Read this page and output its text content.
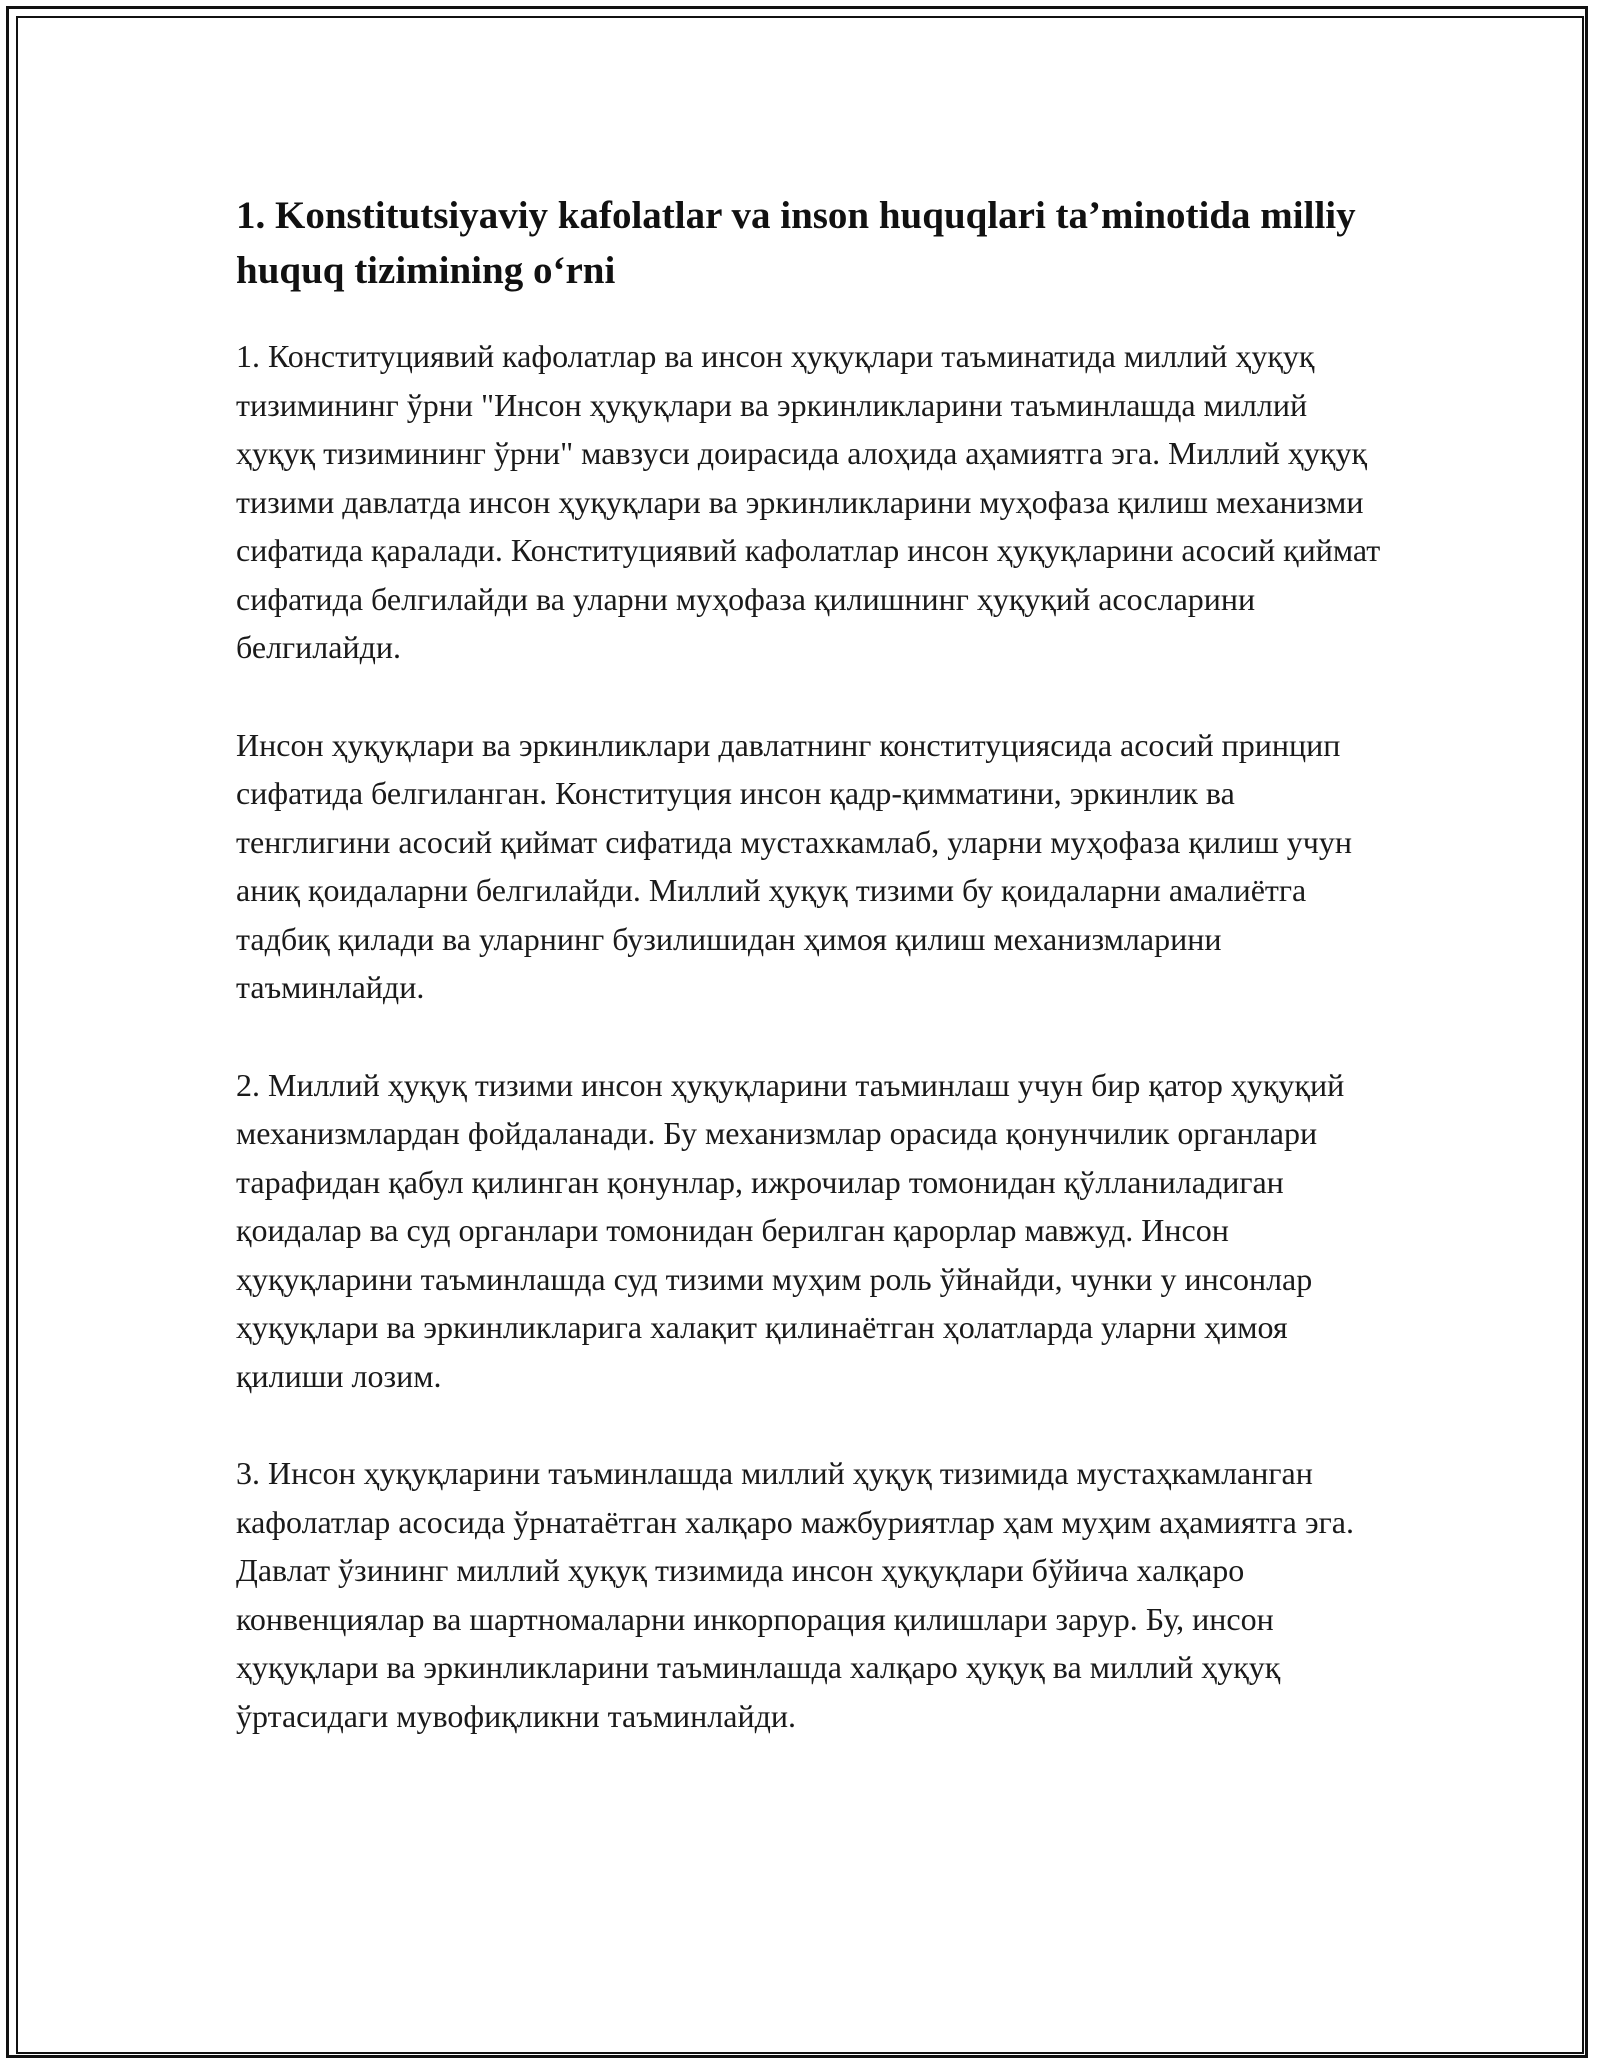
1. Konstitutsiyaviy kafolatlar va inson huquqlari ta’minotida milliy huquq tizimining o‘rni

1. Конституциявий кафолатлар ва инсон ҳуқуқлари таъминатида миллий ҳуқуқ тизимининг ўрни "Инсон ҳуқуқлари ва эркинликларини таъминлашда миллий ҳуқуқ тизимининг ўрни" мавзуси доирасида алоҳида аҳамиятга эга. Миллий ҳуқуқ тизими давлатда инсон ҳуқуқлари ва эркинликларини муҳофаза қилиш механизми сифатида қаралади. Конституциявий кафолатлар инсон ҳуқуқларини асосий қиймат сифатида белгилайди ва уларни муҳофаза қилишнинг ҳуқуқий асосларини белгилайди.

Инсон ҳуқуқлари ва эркинликлари давлатнинг конституциясида асосий принцип сифатида белгиланган. Конституция инсон қадр-қимматини, эркинлик ва тенглигини асосий қиймат сифатида мустахкамлаб, уларни муҳофаза қилиш учун аниқ қоидаларни белгилайди. Миллий ҳуқуқ тизими бу қоидаларни амалиётга тадбиқ қилади ва уларнинг бузилишидан ҳимоя қилиш механизмларини таъминлайди.

2. Миллий ҳуқуқ тизими инсон ҳуқуқларини таъминлаш учун бир қатор ҳуқуқий механизмлардан фойдаланади. Бу механизмлар орасида қонунчилик органлари тарафидан қабул қилинган қонунлар, ижрочилар томонидан қўлланиладиган қоидалар ва суд органлари томонидан берилган қарорлар мавжуд. Инсон ҳуқуқларини таъминлашда суд тизими муҳим роль ўйнайди, чунки у инсонлар ҳуқуқлари ва эркинликларига халақит қилинаётган ҳолатларда уларни ҳимоя қилиши лозим.

3. Инсон ҳуқуқларини таъминлашда миллий ҳуқуқ тизимида мустаҳкамланган кафолатлар асосида ўрнатаётган халқаро мажбуриятлар ҳам муҳим аҳамиятга эга. Давлат ўзининг миллий ҳуқуқ тизимида инсон ҳуқуқлари бўйича халқаро конвенциялар ва шартномаларни инкорпорация қилишлари зарур. Бу, инсон ҳуқуқлари ва эркинликларини таъминлашда халқаро ҳуқуқ ва миллий ҳуқуқ ўртасидаги мувофиқликни таъминлайди.
